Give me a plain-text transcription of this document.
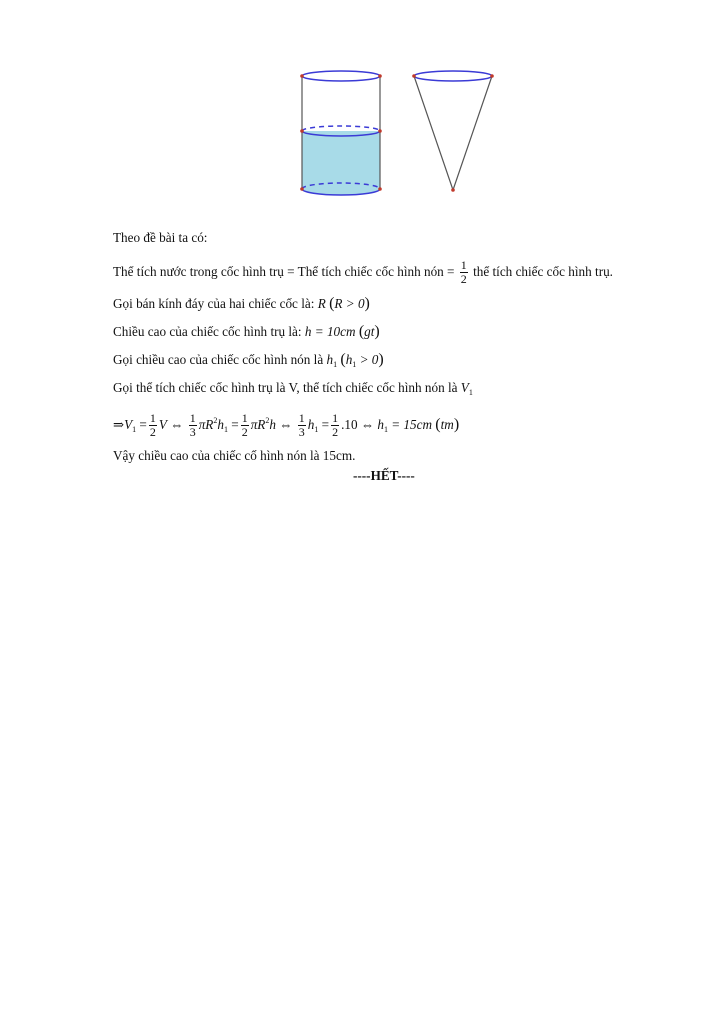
Theo đề bài ta có:
Thể tích nước trong cốc hình trụ = Thể tích chiếc cốc hình nón = $\frac{1}{2}$ thể tích chiếc cốc hình trụ.
Gọi bán kính đáy của hai chiếc cốc là: R (R > 0)
Chiều cao của chiếc cốc hình trụ là: h = 10cm (gt)
Gọi chiều cao của chiếc cốc hình nón là $h_1$ $(h_1 > 0)$
Gọi thể tích chiếc cốc hình trụ là V, thể tích chiếc cốc hình nón là $V_1$
$\Rightarrow V_1 = \frac{1}{2}$ V ⇔ $\frac{1}{3} \pi R^2h_1 = \frac{1}{2} \pi R^2h$ ⇔ $\frac{1}{3} h_1 = \frac{1}{2} .10$ ⇔ $h_1 = 15cm$ (tm)
Vậy chiều cao của chiếc cố hình nón là 15cm.
----HẾT----
